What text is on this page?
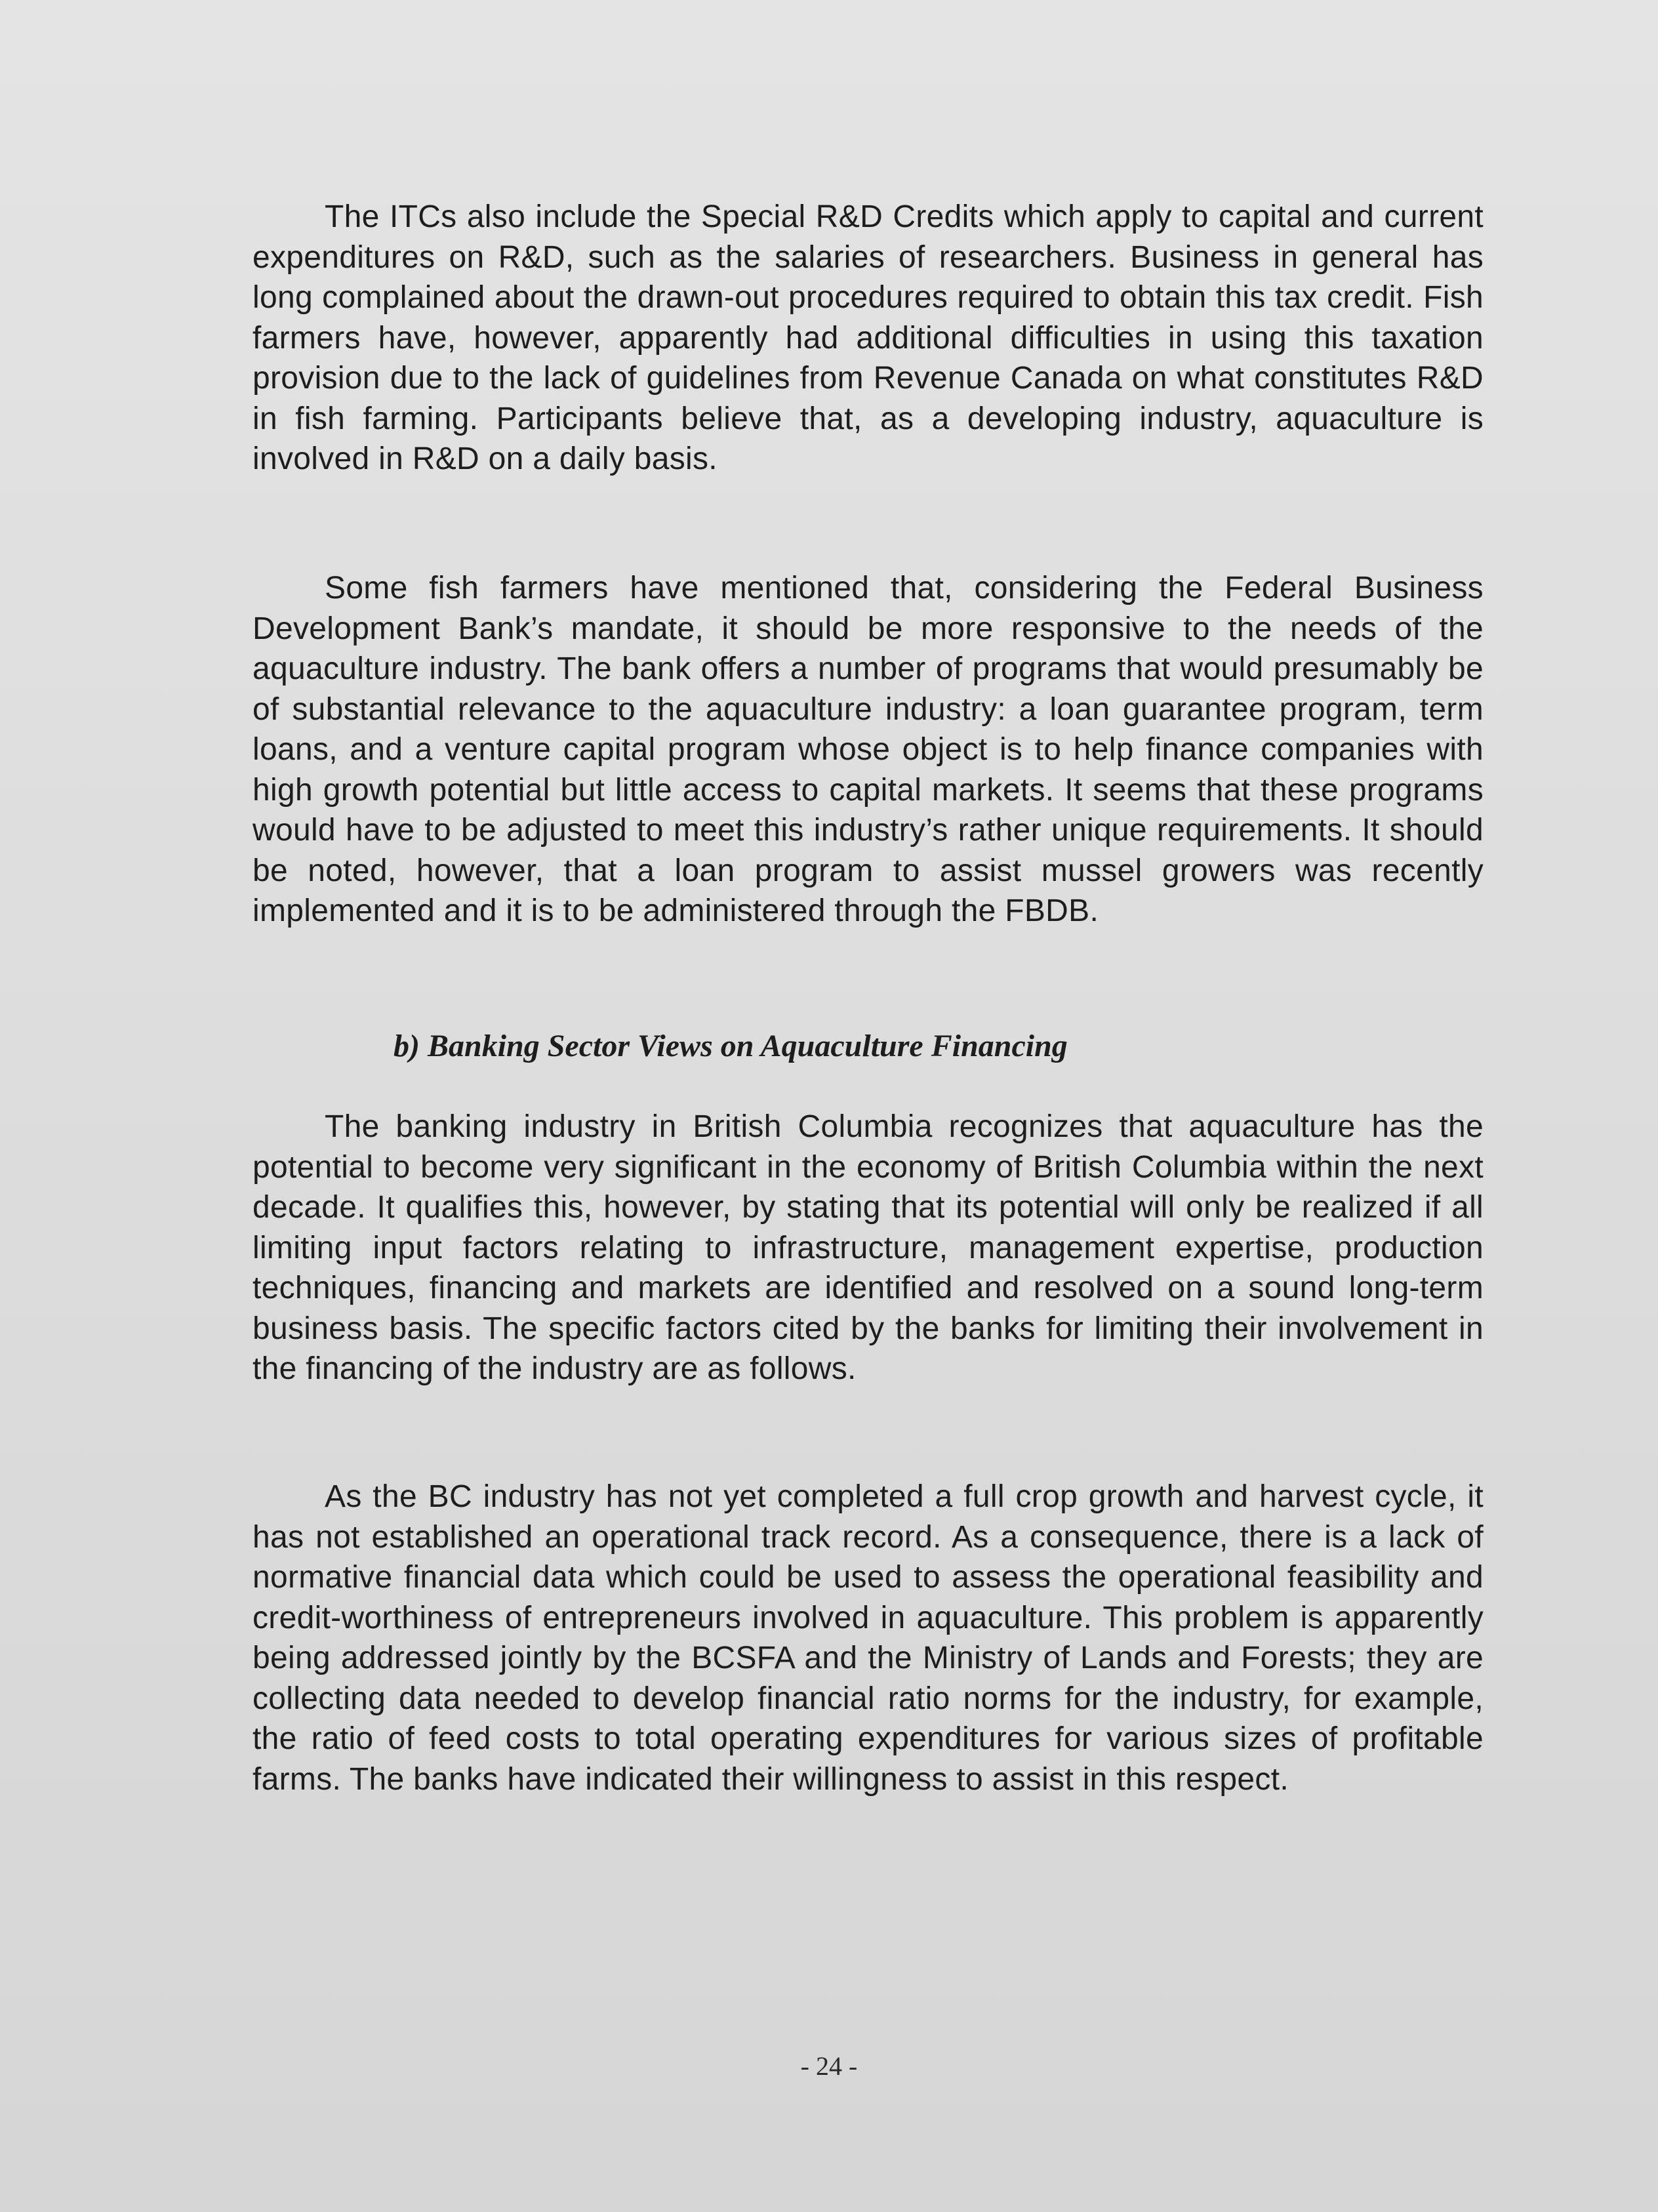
The ITCs also include the Special R&D Credits which apply to capital and current expenditures on R&D, such as the salaries of researchers. Business in general has long complained about the drawn-out procedures required to obtain this tax credit. Fish farmers have, however, apparently had additional difficulties in using this taxation provision due to the lack of guidelines from Revenue Canada on what constitutes R&D in fish farming. Participants believe that, as a developing industry, aquaculture is involved in R&D on a daily basis.

Some fish farmers have mentioned that, considering the Federal Business Development Bank’s mandate, it should be more responsive to the needs of the aquaculture industry. The bank offers a number of programs that would presumably be of substantial relevance to the aquaculture industry: a loan guarantee program, term loans, and a venture capital program whose object is to help finance companies with high growth potential but little access to capital markets. It seems that these programs would have to be adjusted to meet this industry’s rather unique requirements. It should be noted, however, that a loan program to assist mussel growers was recently implemented and it is to be administered through the FBDB.

b) Banking Sector Views on Aquaculture Financing

The banking industry in British Columbia recognizes that aquaculture has the potential to become very significant in the economy of British Columbia within the next decade. It qualifies this, however, by stating that its potential will only be realized if all limiting input factors relating to infrastructure, management expertise, production techniques, financing and markets are identified and resolved on a sound long-term business basis. The specific factors cited by the banks for limiting their involvement in the financing of the industry are as follows.

As the BC industry has not yet completed a full crop growth and harvest cycle, it has not established an operational track record. As a consequence, there is a lack of normative financial data which could be used to assess the operational feasibility and credit-worthiness of entrepreneurs involved in aquaculture. This problem is apparently being addressed jointly by the BCSFA and the Ministry of Lands and Forests; they are collecting data needed to develop financial ratio norms for the industry, for example, the ratio of feed costs to total operating expenditures for various sizes of profitable farms. The banks have indicated their willingness to assist in this respect.

- 24 -
